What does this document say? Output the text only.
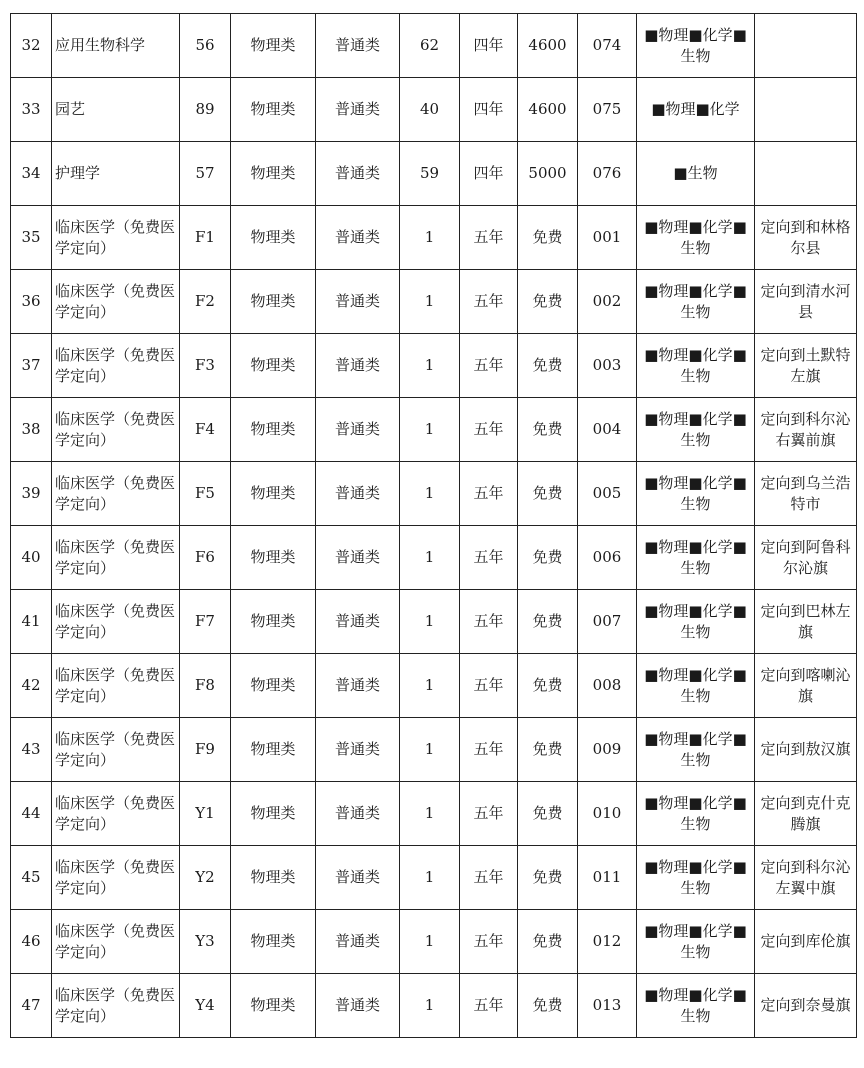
32	应用生物科学	56	物理类	普通类	62	四年	4600	074	■物理■化学■生物	
33	园艺	89	物理类	普通类	40	四年	4600	075	■物理■化学	
34	护理学	57	物理类	普通类	59	四年	5000	076	■生物	
35	临床医学（免费医学定向）	F1	物理类	普通类	1	五年	免费	001	■物理■化学■生物	定向到和林格尔县
36	临床医学（免费医学定向）	F2	物理类	普通类	1	五年	免费	002	■物理■化学■生物	定向到清水河县
37	临床医学（免费医学定向）	F3	物理类	普通类	1	五年	免费	003	■物理■化学■生物	定向到土默特左旗
38	临床医学（免费医学定向）	F4	物理类	普通类	1	五年	免费	004	■物理■化学■生物	定向到科尔沁右翼前旗
39	临床医学（免费医学定向）	F5	物理类	普通类	1	五年	免费	005	■物理■化学■生物	定向到乌兰浩特市
40	临床医学（免费医学定向）	F6	物理类	普通类	1	五年	免费	006	■物理■化学■生物	定向到阿鲁科尔沁旗
41	临床医学（免费医学定向）	F7	物理类	普通类	1	五年	免费	007	■物理■化学■生物	定向到巴林左旗
42	临床医学（免费医学定向）	F8	物理类	普通类	1	五年	免费	008	■物理■化学■生物	定向到喀喇沁旗
43	临床医学（免费医学定向）	F9	物理类	普通类	1	五年	免费	009	■物理■化学■生物	定向到敖汉旗
44	临床医学（免费医学定向）	Y1	物理类	普通类	1	五年	免费	010	■物理■化学■生物	定向到克什克腾旗
45	临床医学（免费医学定向）	Y2	物理类	普通类	1	五年	免费	011	■物理■化学■生物	定向到科尔沁左翼中旗
46	临床医学（免费医学定向）	Y3	物理类	普通类	1	五年	免费	012	■物理■化学■生物	定向到库伦旗
47	临床医学（免费医学定向）	Y4	物理类	普通类	1	五年	免费	013	■物理■化学■生物	定向到奈曼旗
